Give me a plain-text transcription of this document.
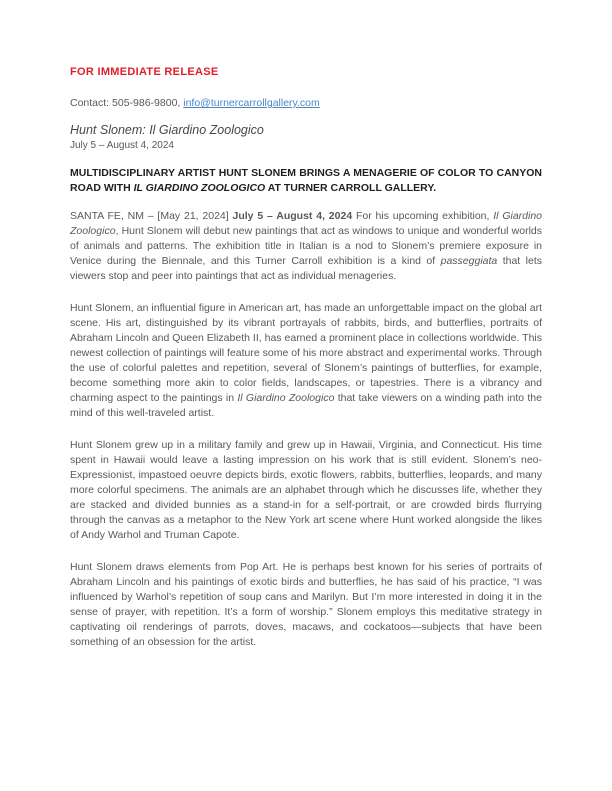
FOR IMMEDIATE RELEASE

Contact: 505-986-9800, info@turnercarrollgallery.com

Hunt Slonem: Il Giardino Zoologico

July 5 – August 4, 2024

MULTIDISCIPLINARY ARTIST HUNT SLONEM BRINGS A MENAGERIE OF COLOR TO CANYON ROAD WITH IL GIARDINO ZOOLOGICO AT TURNER CARROLL GALLERY.

SANTA FE, NM – [May 21, 2024] July 5 – August 4, 2024 For his upcoming exhibition, Il Giardino Zoologico, Hunt Slonem will debut new paintings that act as windows to unique and wonderful worlds of animals and patterns. The exhibition title in Italian is a nod to Slonem’s premiere exposure in Venice during the Biennale, and this Turner Carroll exhibition is a kind of passeggiata that lets viewers stop and peer into paintings that act as individual menageries.

Hunt Slonem, an influential figure in American art, has made an unforgettable impact on the global art scene. His art, distinguished by its vibrant portrayals of rabbits, birds, and butterflies, portraits of Abraham Lincoln and Queen Elizabeth II, has earned a prominent place in collections worldwide. This newest collection of paintings will feature some of his more abstract and experimental works. Through the use of colorful palettes and repetition, several of Slonem’s paintings of butterflies, for example, become something more akin to color fields, landscapes, or tapestries. There is a vibrancy and charming aspect to the paintings in Il Giardino Zoologico that take viewers on a winding path into the mind of this well-traveled artist.

Hunt Slonem grew up in a military family and grew up in Hawaii, Virginia, and Connecticut. His time spent in Hawaii would leave a lasting impression on his work that is still evident. Slonem’s neo-Expressionist, impastoed oeuvre depicts birds, exotic flowers, rabbits, butterflies, leopards, and many more colorful specimens. The animals are an alphabet through which he discusses life, whether they are stacked and divided bunnies as a stand-in for a self-portrait, or are crowded birds flurrying through the canvas as a metaphor to the New York art scene where Hunt worked alongside the likes of Andy Warhol and Truman Capote.

Hunt Slonem draws elements from Pop Art. He is perhaps best known for his series of portraits of Abraham Lincoln and his paintings of exotic birds and butterflies, he has said of his practice, “I was influenced by Warhol’s repetition of soup cans and Marilyn. But I’m more interested in doing it in the sense of prayer, with repetition. It’s a form of worship.” Slonem employs this meditative strategy in captivating oil renderings of parrots, doves, macaws, and cockatoos—subjects that have been something of an obsession for the artist.
